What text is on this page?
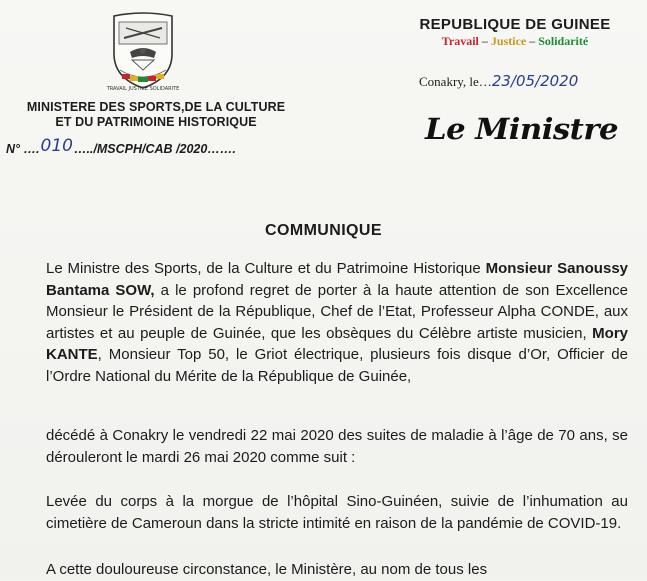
TRAVAIL JUSTICE SOLIDARITE
MINISTERE DES SPORTS,DE LA CULTURE
ET DU PATRIMOINE HISTORIQUE
N° ….010…../MSCPH/CAB /2020…….
REPUBLIQUE DE GUINEE
Travail – Justice – Solidarité
Conakry, le…23/05/2020
Le Ministre
COMMUNIQUE
Le Ministre des Sports, de la Culture et du Patrimoine Historique Monsieur Sanoussy Bantama SOW, a le profond regret de porter à la haute attention de son Excellence Monsieur le Président de la République, Chef de l’Etat, Professeur Alpha CONDE, aux artistes et au peuple de Guinée, que les obsèques du Célèbre artiste musicien, Mory KANTE, Monsieur Top 50, le Griot électrique, plusieurs fois disque d’Or, Officier de l’Ordre National du Mérite de la République de Guinée,
décédé à Conakry le vendredi 22 mai 2020 des suites de maladie à l’âge de 70 ans, se dérouleront le mardi 26 mai 2020 comme suit :
Levée du corps à la morgue de l’hôpital Sino-Guinéen, suivie de l’inhumation au cimetière de Cameroun dans la stricte intimité en raison de la pandémie de COVID-19.
A cette douloureuse circonstance, le Ministère, au nom de tous les
